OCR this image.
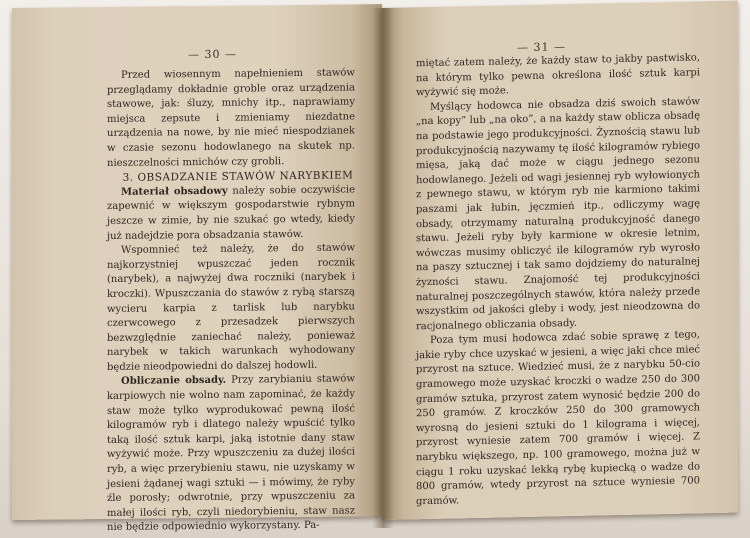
— 30 —

Przed wiosennym napełnieniem stawów przeglądamy dokładnie groble oraz urządzenia stawowe, jak: śluzy, mnichy itp., naprawiamy miejsca zepsute i zmieniamy niezdatne urządzenia na nowe, by nie mieć niespodzianek w czasie sezonu hodowlanego na skutek np. nieszczelności mnichów czy grobli.

3. OBSADZANIE STAWÓW NARYBKIEM

Materiał obsadowy należy sobie oczywiście zapewnić w większym gospodarstwie rybnym jeszcze w zimie, by nie szukać go wtedy, kiedy już nadejdzie pora obsadzania stawów.

Wspomnieć też należy, że do stawów najkorzystniej wpuszczać jeden rocznik (narybek), a najwyżej dwa roczniki (narybek i kroczki). Wpuszczania do stawów z rybą starszą wycieru karpia z tarlisk lub narybku czerwcowego z przesadzek pierwszych bezwzględnie zaniechać należy, ponieważ narybek w takich warunkach wyhodowany będzie nieodpowiedni do dalszej hodowli.

Obliczanie obsady. Przy zarybianiu stawów karpiowych nie wolno nam zapominać, że każdy staw może tylko wyprodukować pewną ilość kilogramów ryb i dlatego należy wpuścić tylko taką ilość sztuk karpi, jaką istotnie dany staw wyżywić może. Przy wpuszczeniu za dużej ilości ryb, a więc przerybieniu stawu, nie uzyskamy w jesieni żądanej wagi sztuki — i mówimy, że ryby źle porosły; odwrotnie, przy wpuszczeniu za małej ilości ryb, czyli niedorybieniu, staw nasz nie będzie odpowiednio wykorzystany. Pa-

— 31 —

miętać zatem należy, że każdy staw to jakby pastwisko, na którym tylko pewna określona ilość sztuk karpi wyżywić się może.

Myślący hodowca nie obsadza dziś swoich stawów „na kopy” lub „na oko”, a na każdy staw oblicza obsadę na podstawie jego produkcyjności. Żyznością stawu lub produkcyjnością nazywamy tę ilość kilogramów rybiego mięsa, jaką dać może w ciągu jednego sezonu hodowlanego. Jeżeli od wagi jesiennej ryb wyłowionych z pewnego stawu, w którym ryb nie karmiono takimi paszami jak łubin, jęczmień itp., odliczymy wagę obsady, otrzymamy naturalną produkcyjność danego stawu. Jeżeli ryby były karmione w okresie letnim, wówczas musimy obliczyć ile kilogramów ryb wyrosło na paszy sztucznej i tak samo dojdziemy do naturalnej żyzności stawu. Znajomość tej produkcyjności naturalnej poszczególnych stawów, która należy przede wszystkim od jakości gleby i wody, jest nieodzowna do racjonalnego obliczania obsady.

Poza tym musi hodowca zdać sobie sprawę z tego, jakie ryby chce uzyskać w jesieni, a więc jaki chce mieć przyrost na sztuce. Wiedzieć musi, że z narybku 50-cio gramowego może uzyskać kroczki o wadze 250 do 300 gramów sztuka, przyrost zatem wynosić będzie 200 do 250 gramów. Z kroczków 250 do 300 gramowych wyrosną do jesieni sztuki do 1 kilograma i więcej, przyrost wyniesie zatem 700 gramów i więcej. Z narybku większego, np. 100 gramowego, można już w ciągu 1 roku uzyskać lekką rybę kupiecką o wadze do 800 gramów, wtedy przyrost na sztuce wyniesie 700 gramów.
